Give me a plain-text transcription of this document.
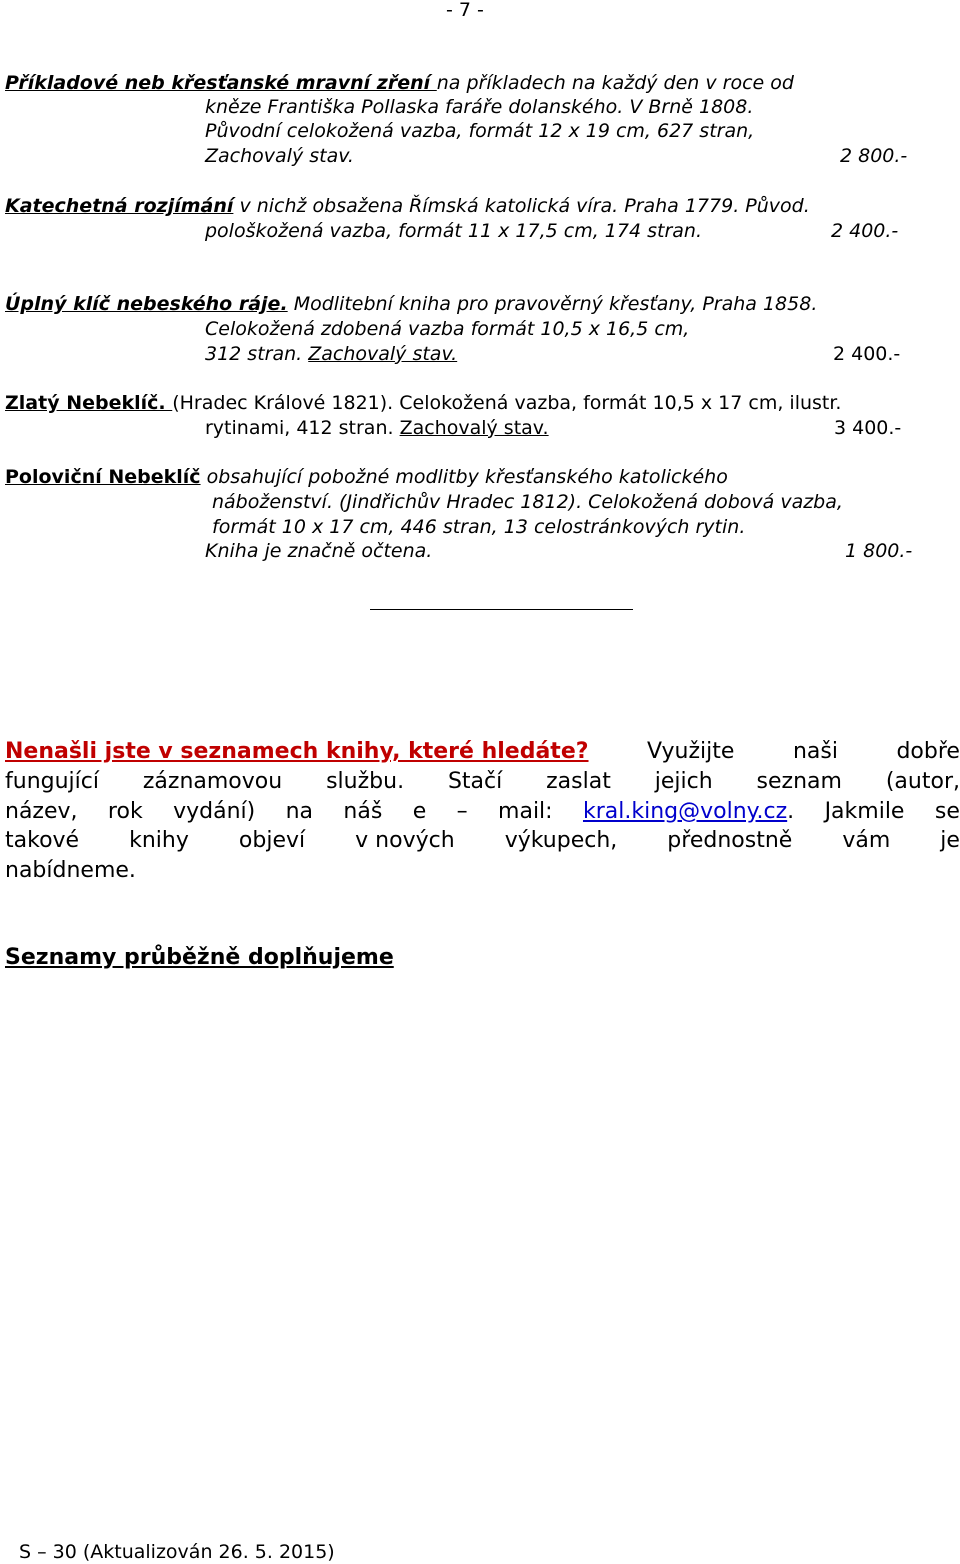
- 7 -
Příkladové neb křesťanské mravní zření na příkladech na každý den v roce od
kněze Františka Pollaska faráře dolanského. V Brně 1808.
Původní celokožená vazba, formát 12 x 19 cm, 627 stran,
Zachovalý stav.	2 800.-
Katechetná rozjímání v nichž obsažena Římská katolická víra. Praha 1779. Původ.
pološkožená vazba, formát 11 x 17,5 cm, 174 stran.	2 400.-
Úplný klíč nebeského ráje. Modlitební kniha pro pravověrný křesťany, Praha 1858.
Celokožená zdobená vazba formát 10,5 x 16,5 cm,
312 stran. Zachovalý stav.	2 400.-
Zlatý Nebeklíč. (Hradec Králové 1821). Celokožená vazba, formát 10,5 x 17 cm, ilustr.
rytinami, 412 stran. Zachovalý stav.	3 400.-
Poloviční Nebeklíč obsahující pobožné modlitby křesťanského katolického
náboženství. (Jindřichův Hradec 1812). Celokožená dobová vazba,
formát 10 x 17 cm, 446 stran, 13 celostránkových rytin.
Kniha je značně očtena.	1 800.-
Nenašli jste v seznamech knihy, které hledáte?	Využijte	naši	dobře
fungující záznamovou službu. Stačí zaslat jejich seznam (autor,
název, rok vydání) na náš e – mail: kral.king@volny.cz. Jakmile se
takové knihy objeví v nových výkupech, přednostně vám je
nabídneme.
Seznamy průběžně doplňujeme
S – 30 (Aktualizován 26. 5. 2015)
